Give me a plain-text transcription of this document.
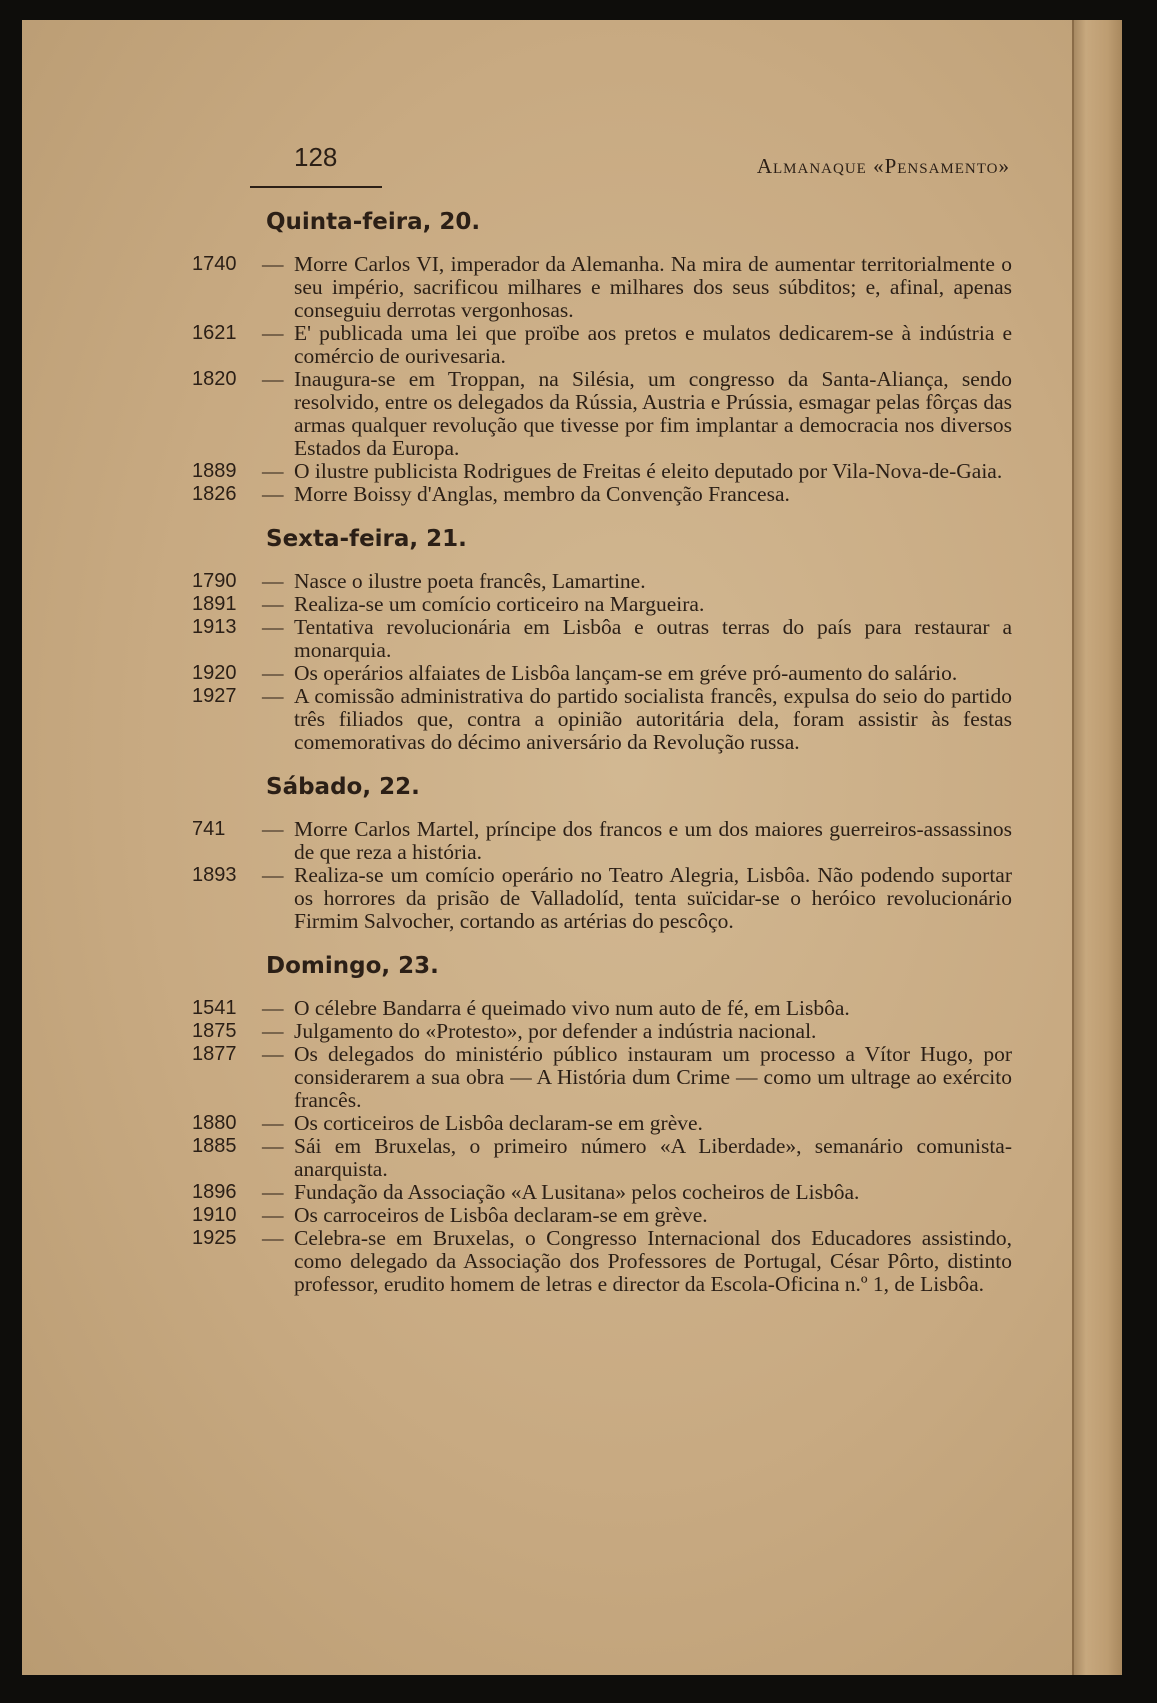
128	Almanaque «Pensamento»
Quinta-feira, 20.
1740	— Morre Carlos VI, imperador da Alemanha. Na mira de aumentar territorialmente o seu império, sacrificou milhares e milhares dos seus súbditos; e, afinal, apenas conseguiu derrotas vergonhosas.
1621	— E' publicada uma lei que proïbe aos pretos e mulatos dedicarem-se à indústria e comércio de ourivesaria.
1820	— Inaugura-se em Troppan, na Silésia, um congresso da Santa-Aliança, sendo resolvido, entre os delegados da Rússia, Austria e Prússia, esmagar pelas fôrças das armas qualquer revolução que tivesse por fim implantar a democracia nos diversos Estados da Europa.
1889	— O ilustre publicista Rodrigues de Freitas é eleito deputado por Vila-Nova-de-Gaia.
1826	— Morre Boissy d'Anglas, membro da Convenção Francesa.
Sexta-feira, 21.
1790	— Nasce o ilustre poeta francês, Lamartine.
1891	— Realiza-se um comício corticeiro na Margueira.
1913	— Tentativa revolucionária em Lisbôa e outras terras do país para restaurar a monarquia.
1920	— Os operários alfaiates de Lisbôa lançam-se em gréve pró-aumento do salário.
1927	— A comissão administrativa do partido socialista francês, expulsa do seio do partido três filiados que, contra a opinião autoritária dela, foram assistir às festas comemorativas do décimo aniversário da Revolução russa.
Sábado, 22.
741	— Morre Carlos Martel, príncipe dos francos e um dos maiores guerreiros-assassinos de que reza a história.
1893	— Realiza-se um comício operário no Teatro Alegria, Lisbôa. Não podendo suportar os horrores da prisão de Valladolíd, tenta suïcidar-se o heróico revolucionário Firmim Salvocher, cortando as artérias do pescôço.
Domingo, 23.
1541	— O célebre Bandarra é queimado vivo num auto de fé, em Lisbôa.
1875	— Julgamento do «Protesto», por defender a indústria nacional.
1877	— Os delegados do ministério público instauram um processo a Vítor Hugo, por considerarem a sua obra — A História dum Crime — como um ultrage ao exército francês.
1880	— Os corticeiros de Lisbôa declaram-se em grève.
1885	— Sái em Bruxelas, o primeiro número «A Liberdade», semanário comunista-anarquista.
1896	— Fundação da Associação «A Lusitana» pelos cocheiros de Lisbôa.
1910	— Os carroceiros de Lisbôa declaram-se em grève.
1925	— Celebra-se em Bruxelas, o Congresso Internacional dos Educadores assistindo, como delegado da Associação dos Professores de Portugal, César Pôrto, distinto professor, erudito homem de letras e director da Escola-Oficina n.º 1, de Lisbôa.
